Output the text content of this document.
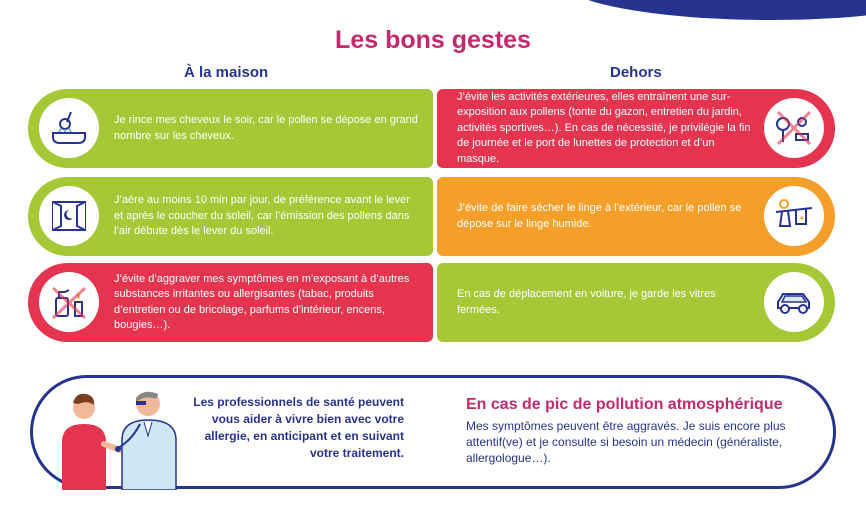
Les bons gestes
À la maison	Dehors
Je rince mes cheveux le soir, car le pollen se dépose en grand nombre sur les cheveux.
J’aère au moins 10 min par jour, de préférence avant le lever et après le coucher du soleil, car l’émission des pollens dans l’air débute dès le lever du soleil.
J’évite d’aggraver mes symptômes en m’exposant à d’autres substances irritantes ou allergisantes (tabac, produits d’entretien ou de bricolage, parfums d’intérieur, encens, bougies…).
J’évite les activités extérieures, elles entraînent une sur-exposition aux pollens (tonte du gazon, entretien du jardin, activités sportives…). En cas de nécessité, je privilégie la fin de journée et le port de lunettes de protection et d’un masque.
J’évite de faire sécher le linge à l’extérieur, car le pollen se dépose sur le linge humide.
En cas de déplacement en voiture, je garde les vitres fermées.
Les professionnels de santé peuvent vous aider à vivre bien avec votre allergie, en anticipant et en suivant votre traitement.
En cas de pic de pollution atmosphérique
Mes symptômes peuvent être aggravés. Je suis encore plus attentif(ve) et je consulte si besoin un médecin (généraliste, allergologue…).
